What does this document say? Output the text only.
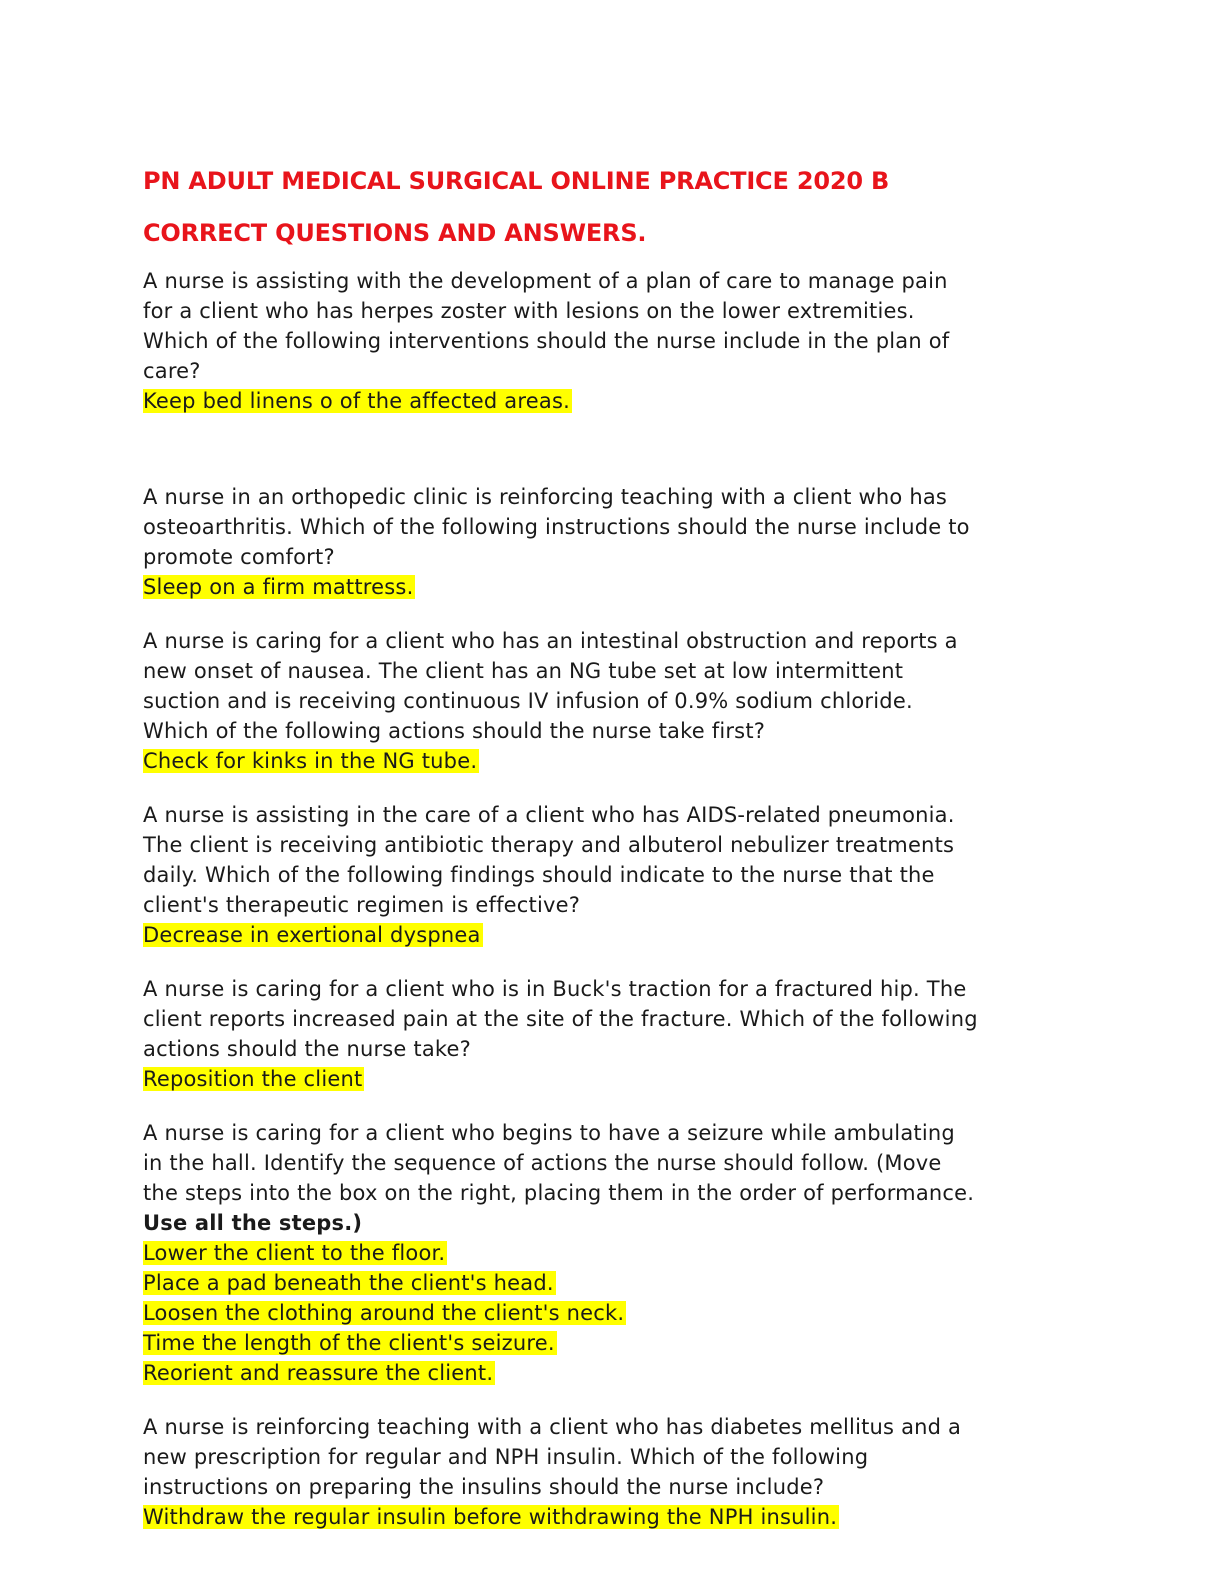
PN ADULT MEDICAL SURGICAL ONLINE PRACTICE 2020 B
CORRECT QUESTIONS AND ANSWERS.

A nurse is assisting with the development of a plan of care to manage pain
for a client who has herpes zoster with lesions on the lower extremities.
Which of the following interventions should the nurse include in the plan of
care?

Keep bed linens o of the affected areas.

A nurse in an orthopedic clinic is reinforcing teaching with a client who has
osteoarthritis. Which of the following instructions should the nurse include to
promote comfort?

Sleep on a firm mattress.

A nurse is caring for a client who has an intestinal obstruction and reports a
new onset of nausea. The client has an NG tube set at low intermittent
suction and is receiving continuous IV infusion of 0.9% sodium chloride.
Which of the following actions should the nurse take first?

Check for kinks in the NG tube.

A nurse is assisting in the care of a client who has AIDS-related pneumonia.
The client is receiving antibiotic therapy and albuterol nebulizer treatments
daily. Which of the following findings should indicate to the nurse that the
client's therapeutic regimen is effective?

Decrease in exertional dyspnea

A nurse is caring for a client who is in Buck's traction for a fractured hip. The
client reports increased pain at the site of the fracture. Which of the following
actions should the nurse take?

Reposition the client

A nurse is caring for a client who begins to have a seizure while ambulating
in the hall. Identify the sequence of actions the nurse should follow. (Move
the steps into the box on the right, placing them in the order of performance.

Use all the steps.)

Lower the client to the floor.

Place a pad beneath the client's head.

Loosen the clothing around the client's neck.

Time the length of the client's seizure.

Reorient and reassure the client.

A nurse is reinforcing teaching with a client who has diabetes mellitus and a
new prescription for regular and NPH insulin. Which of the following
instructions on preparing the insulins should the nurse include?

Withdraw the regular insulin before withdrawing the NPH insulin.
